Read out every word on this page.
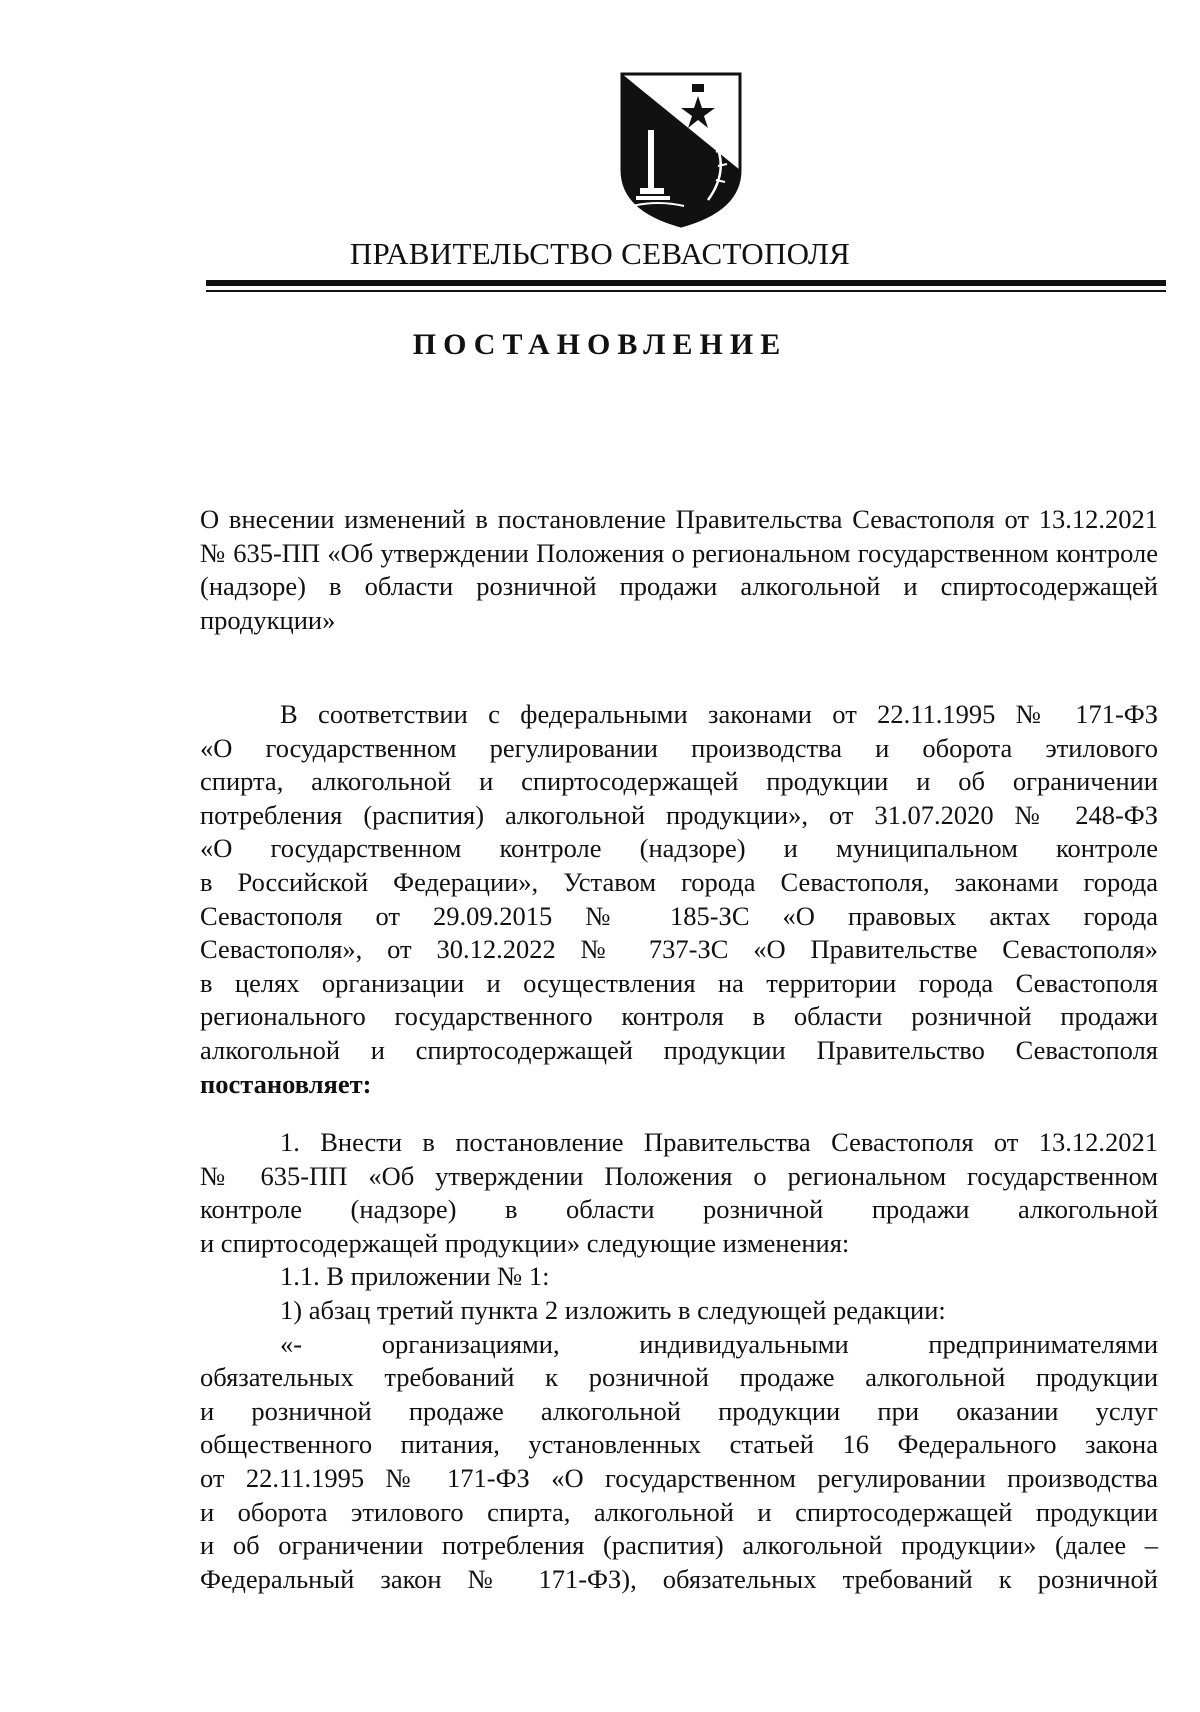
ПРАВИТЕЛЬСТВО СЕВАСТОПОЛЯ
ПОСТАНОВЛЕНИЕ

О внесении изменений в постановление Правительства Севастополя от 13.12.2021 № 635-ПП «Об утверждении Положения о региональном государственном контроле (надзоре) в области розничной продажи алкогольной и спиртосодержащей продукции»

В соответствии с федеральными законами от 22.11.1995 № 171-ФЗ
«О государственном регулировании производства и оборота этилового
спирта, алкогольной и спиртосодержащей продукции и об ограничении
потребления (распития) алкогольной продукции», от 31.07.2020 № 248-ФЗ
«О государственном контроле (надзоре) и муниципальном контроле
в Российской Федерации», Уставом города Севастополя, законами города
Севастополя от 29.09.2015 № 185-ЗС «О правовых актах города
Севастополя», от 30.12.2022 № 737-ЗС «О Правительстве Севастополя»
в целях организации и осуществления на территории города Севастополя
регионального государственного контроля в области розничной продажи
алкогольной и спиртосодержащей продукции Правительство Севастополя
постановляет:
1. Внести в постановление Правительства Севастополя от 13.12.2021
№ 635-ПП «Об утверждении Положения о региональном государственном
контроле (надзоре) в области розничной продажи алкогольной
и спиртосодержащей продукции» следующие изменения:
1.1. В приложении № 1:
1) абзац третий пункта 2 изложить в следующей редакции:
«- организациями, индивидуальными предпринимателями
обязательных требований к розничной продаже алкогольной продукции
и розничной продаже алкогольной продукции при оказании услуг
общественного питания, установленных статьей 16 Федерального закона
от 22.11.1995 № 171-ФЗ «О государственном регулировании производства
и оборота этилового спирта, алкогольной и спиртосодержащей продукции
и об ограничении потребления (распития) алкогольной продукции» (далее –
Федеральный закон № 171-ФЗ), обязательных требований к розничной
